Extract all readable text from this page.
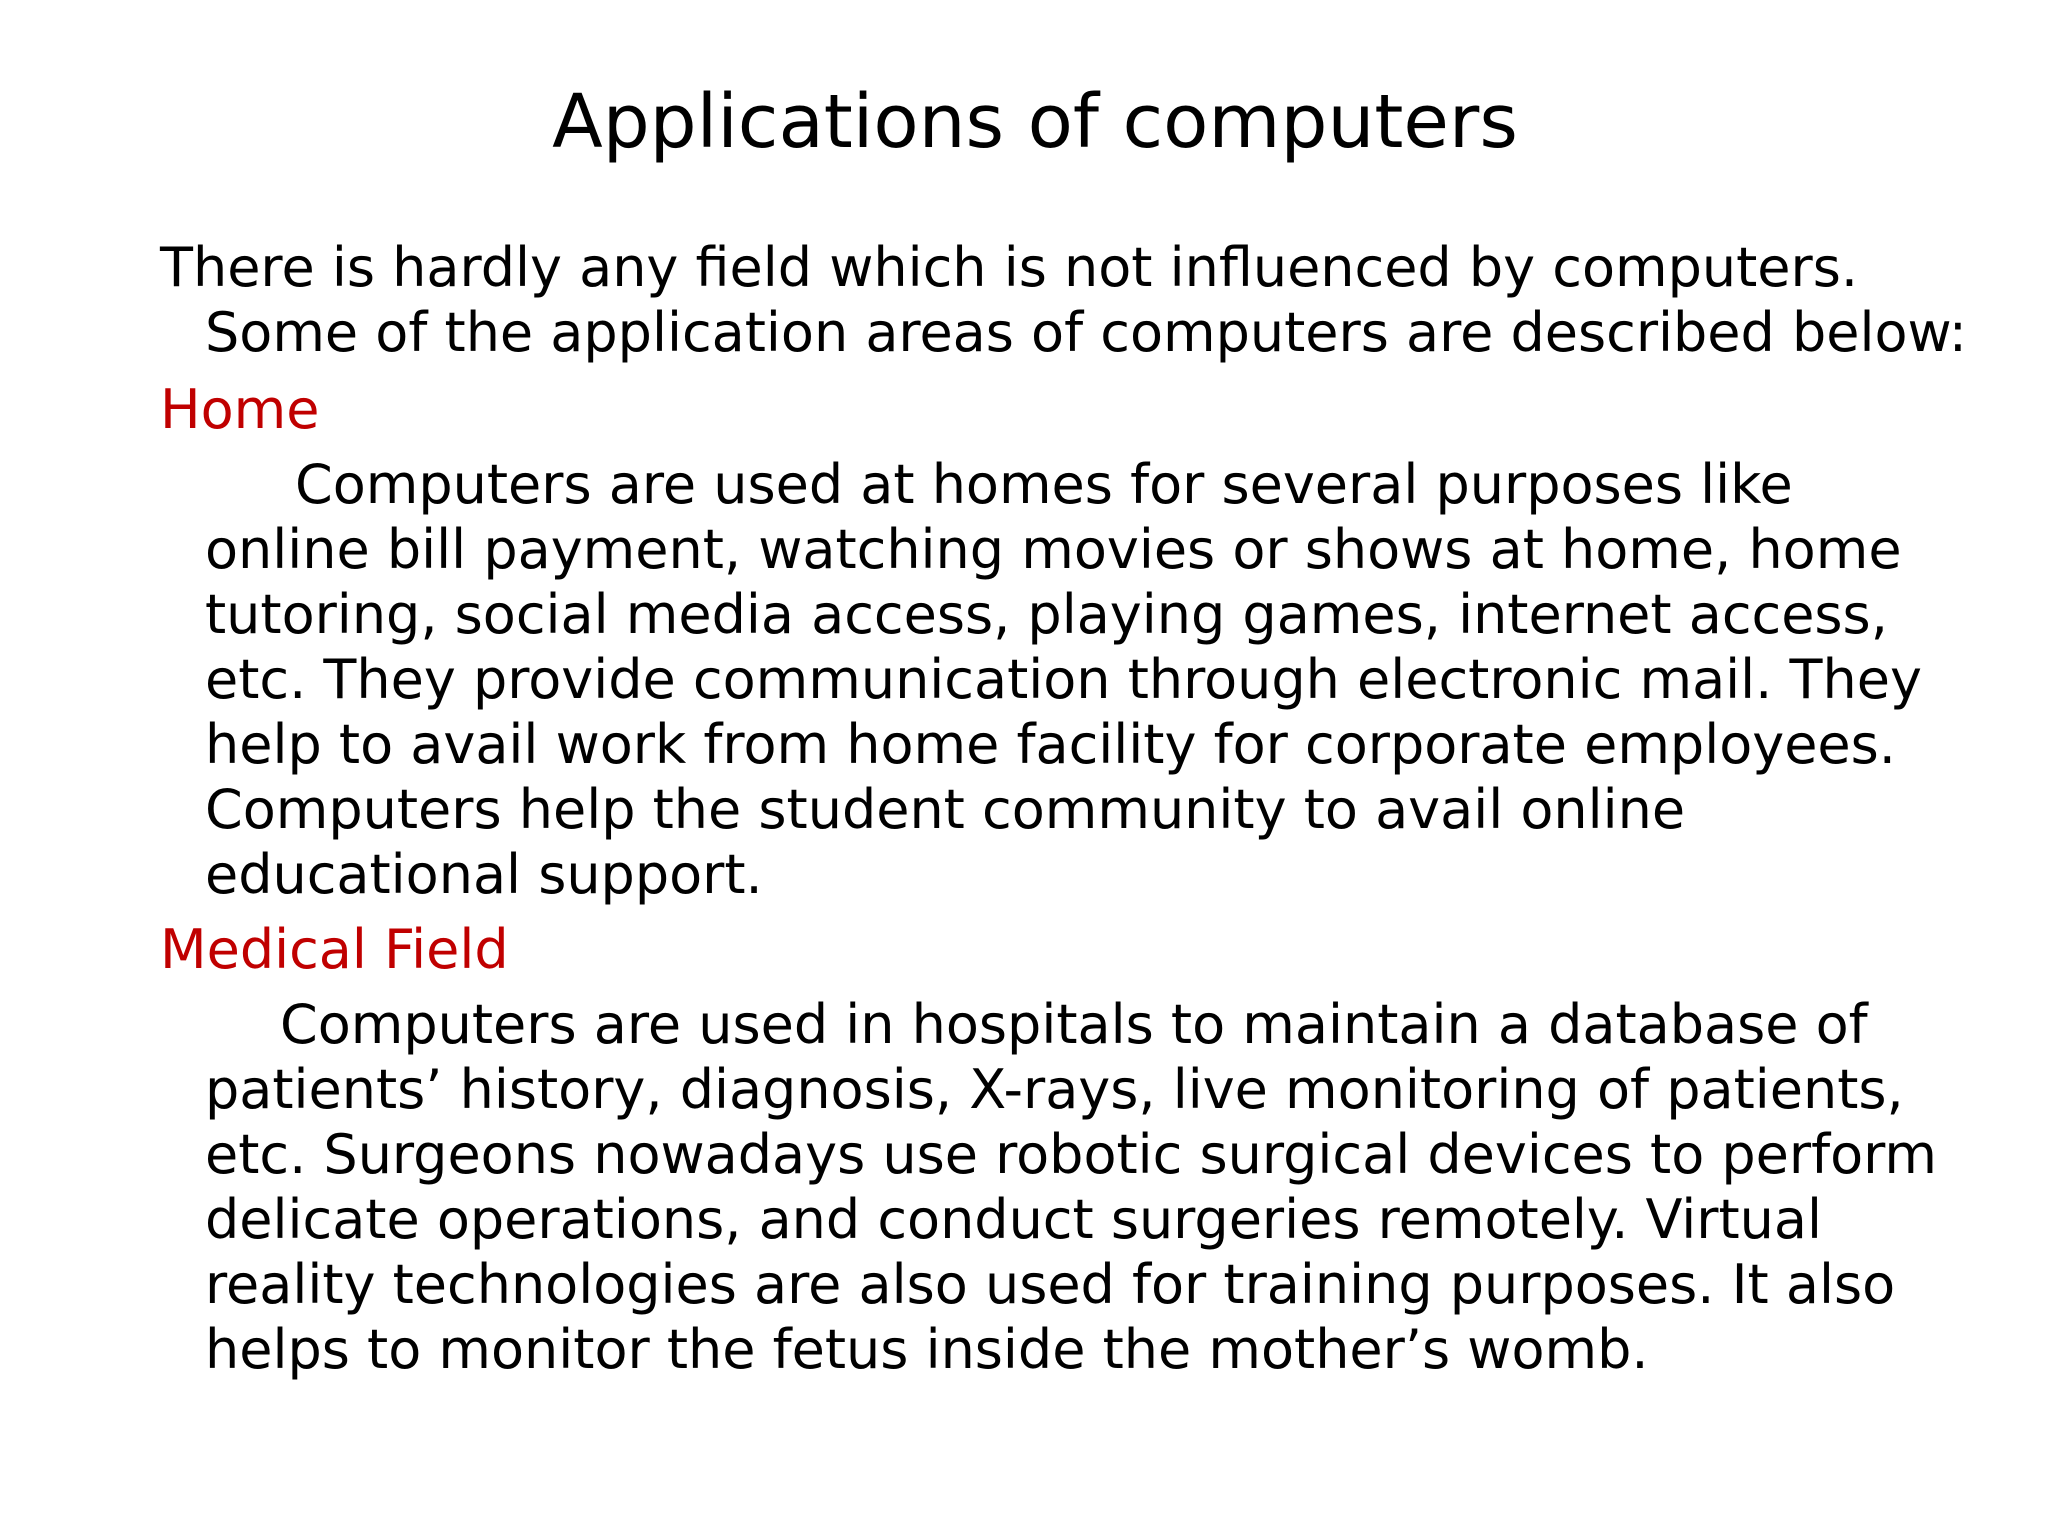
Applications of computers

There is hardly any field which is not influenced by computers. Some of the application areas of computers are described below:

Home

Computers are used at homes for several purposes like online bill payment, watching movies or shows at home, home tutoring, social media access, playing games, internet access, etc. They provide communication through electronic mail. They help to avail work from home facility for corporate employees. Computers help the student community to avail online educational support.

Medical Field

Computers are used in hospitals to maintain a database of patients’ history, diagnosis, X-rays, live monitoring of patients, etc. Surgeons nowadays use robotic surgical devices to perform delicate operations, and conduct surgeries remotely. Virtual reality technologies are also used for training purposes. It also helps to monitor the fetus inside the mother’s womb.
